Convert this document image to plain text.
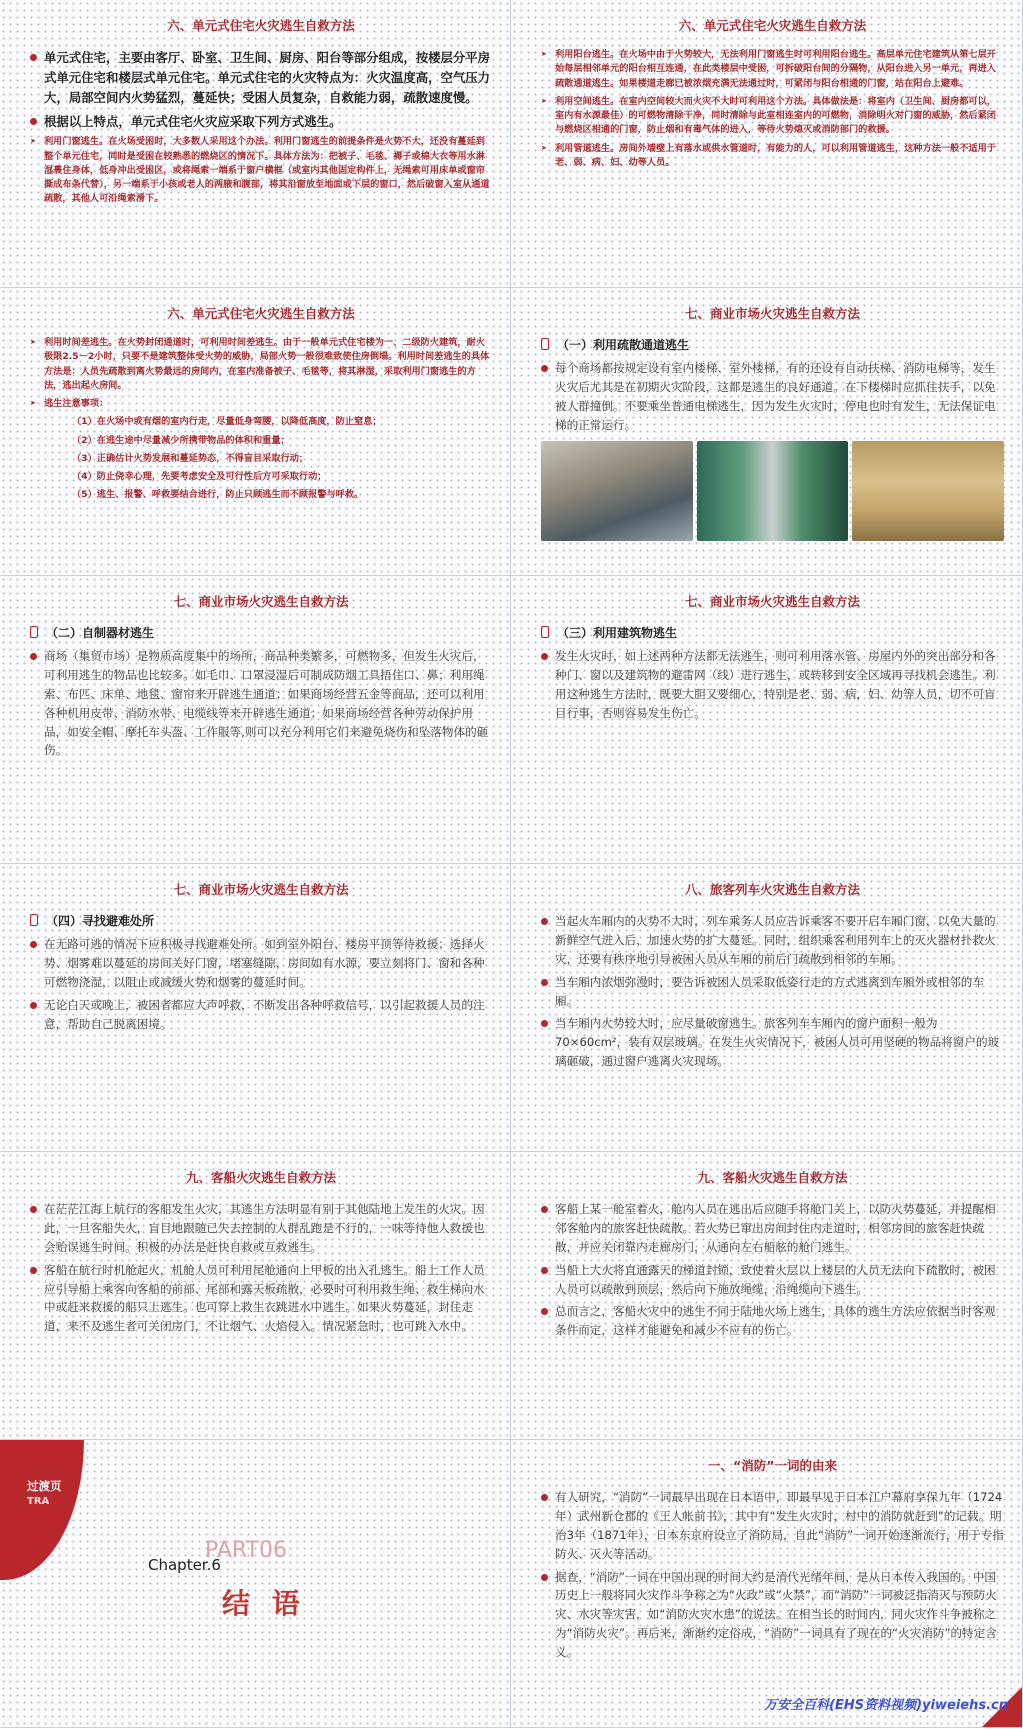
六、单元式住宅火灾逃生自救方法
单元式住宅，主要由客厅、卧室、卫生间、厨房、阳台等部分组成，按楼层分平房式单元住宅和楼层式单元住宅。单元式住宅的火灾特点为：火灾温度高，空气压力大，局部空间内火势猛烈，蔓延快；受困人员复杂，自救能力弱，疏散速度慢。
根据以上特点，单元式住宅火灾应采取下列方式逃生。
➤ 利用门窗逃生。在火场受困时，大多数人采用这个办法。利用门窗逃生的前提条件是火势不大，还没有蔓延到整个单元住宅，同时是受困在较熟悉的燃烧区的情况下。具体方法为：把被子、毛毯、褥子或棉大衣等用水淋湿裹住身体，低身冲出受困区，或将绳索一端系于窗户横框（或室内其他固定构件上，无绳索可用床单或窗帘撕成布条代替），另一端系于小孩或老人的两腋和腹部，将其沿窗放至地面或下层的窗口，然后破窗入室从通道疏散，其他人可沿绳索滑下。
六、单元式住宅火灾逃生自救方法
➤ 利用阳台逃生。在火场中由于火势较大，无法利用门窗逃生时可利用阳台逃生。高层单元住宅建筑从第七层开始每层相邻单元的阳台相互连通，在此类楼层中受困，可拆破阳台间的分隔物，从阳台进入另一单元，再进入疏散通道逃生。如果楼道走廊已被浓烟充满无法通过时，可紧闭与阳台相通的门窗，站在阳台上避难。
➤ 利用空间逃生。在室内空间较大而火灾不大时可利用这个方法。具体做法是：将室内（卫生间、厨房都可以，室内有水源最佳）的可燃物清除干净，同时清除与此室相连室内的可燃物，消除明火对门窗的威胁，然后紧闭与燃烧区相通的门窗，防止烟和有毒气体的进入，等待火势熄灭或消防部门的救援。
➤ 利用管道逃生。房间外墙壁上有落水或供水管道时，有能力的人，可以利用管道逃生，这种方法一般不适用于老、弱、病、妇、幼等人员。
六、单元式住宅火灾逃生自救方法
➤ 利用时间差逃生。在火势封闭通道时，可利用时间差逃生。由于一般单元式住宅楼为一、二级防火建筑，耐火极限2.5－2小时，只要不是建筑整体受火势的威胁，局部火势一般很难致使住房倒塌。利用时间差逃生的具体方法是：人员先疏散到离火势最远的房间内，在室内准备被子、毛毯等，将其淋湿，采取利用门窗逃生的方法，逃出起火房间。
➤ 逃生注意事项：
（1）在火场中或有烟的室内行走，尽量低身弯腰，以降低高度，防止窒息；
（2）在逃生途中尽量减少所携带物品的体积和重量；
（3）正确估计火势发展和蔓延势态，不得盲目采取行动；
（4）防止侥幸心理，先要考虑安全及可行性后方可采取行动；
（5）逃生、报警、呼救要结合进行，防止只顾逃生而不顾报警与呼救。
七、商业市场火灾逃生自救方法
（一）利用疏散通道逃生
每个商场都按规定设有室内楼梯、室外楼梯，有的还设有自动扶梯、消防电梯等，发生火灾后尤其是在初期火灾阶段，这都是逃生的良好通道。在下楼梯时应抓住扶手，以免被人群撞倒。不要乘坐普通电梯逃生，因为发生火灾时，停电也时有发生，无法保证电梯的正常运行。
七、商业市场火灾逃生自救方法
（二）自制器材逃生
商场（集贸市场）是物质高度集中的场所，商品种类繁多，可燃物多，但发生火灾后，可利用逃生的物品也比较多。如毛巾、口罩浸湿后可制成防烟工具捂住口、鼻；利用绳索、布匹、床单、地毯、窗帘来开辟逃生通道；如果商场经营五金等商品，还可以利用各种机用皮带、消防水带、电缆线等来开辟逃生通道；如果商场经营各种劳动保护用品，如安全帽、摩托车头盔、工作服等,则可以充分利用它们来避免烧伤和坠落物体的砸伤。
七、商业市场火灾逃生自救方法
（三）利用建筑物逃生
发生火灾时，如上述两种方法都无法逃生，则可利用落水管、房屋内外的突出部分和各种门、窗以及建筑物的避雷网（线）进行逃生，或转移到安全区域再寻找机会逃生。利用这种逃生方法时，既要大胆又要细心，特别是老、弱、病，妇、幼等人员，切不可盲目行事，否则容易发生伤亡。
七、商业市场火灾逃生自救方法
（四）寻找避难处所
在无路可逃的情况下应积极寻找避难处所。如到室外阳台、楼房平顶等待救援；选择火势、烟雾难以蔓延的房间关好门窗，堵塞缝隙，房间如有水源，要立刻将门、窗和各种可燃物浇湿，以阻止或减缓火势和烟雾的蔓延时间。
无论白天或晚上，被困者都应大声呼救，不断发出各种呼救信号，以引起救援人员的注意，帮助自己脱离困境。
八、旅客列车火灾逃生自救方法
当起火车厢内的火势不大时，列车乘务人员应告诉乘客不要开启车厢门窗，以免大量的新鲜空气进入后，加速火势的扩大蔓延。同时，组织乘客利用列车上的灭火器材扑救火灾，还要有秩序地引导被困人员从车厢的前后门疏散到相邻的车厢。
当车厢内浓烟弥漫时，要告诉被困人员采取低姿行走的方式逃离到车厢外或相邻的车厢。
当车厢内火势较大时，应尽量破窗逃生。旅客列车车厢内的窗户面积一般为70×60cm²，装有双层玻璃。在发生火灾情况下，被困人员可用坚硬的物品将窗户的玻璃砸破，通过窗户逃离火灾现场。
九、客船火灾逃生自救方法
在茫茫江海上航行的客船发生火灾，其逃生方法明显有别于其他陆地上发生的火灾。因此，一旦客船失火，盲目地跟随已失去控制的人群乱跑是不行的，一味等待他人救援也会贻误逃生时间。积极的办法是赶快自救或互救逃生。
客船在航行时机舱起火，机舱人员可利用尾舱通向上甲板的出入孔逃生。船上工作人员应引导船上乘客向客船的前部、尾部和露天板疏散，必要时可利用救生绳、救生梯向水中或赶来救援的船只上逃生。也可穿上救生衣跳进水中逃生。如果火势蔓延，封住走道，来不及逃生者可关闭房门，不让烟气、火焰侵入。情况紧急时，也可跳入水中。
九、客船火灾逃生自救方法
客船上某一舱室着火，舱内人员在逃出后应随手将舱门关上，以防火势蔓延，并提醒相邻客舱内的旅客赶快疏散。若火势已窜出房间封住内走道时，相邻房间的旅客赶快疏散，并应关闭靠内走廊房门，从通向左右船舷的舱门逃生。
当船上大火将直通露天的梯道封锁，致使着火层以上楼层的人员无法向下疏散时，被困人员可以疏散到顶层，然后向下施放绳缆，沿绳缆向下逃生。
总而言之，客船火灾中的逃生不同于陆地火场上逃生，具体的逃生方法应依据当时客观条件而定，这样才能避免和减少不应有的伤亡。
过渡页
TRA
PART06
Chapter.6
结 语
一、“消防”一词的由来
有人研究，“消防”一词最早出现在日本语中，即最早见于日本江户幕府享保九年（1724年）武州新仓郡的《王人帐前书》，其中有“发生火灾时，村中的消防就赶到”的记载。明治3年（1871年），日本东京府设立了消防局，自此“消防”一词开始逐渐流行，用于专指防火、灭火等活动。
据查，“消防”一词在中国出现的时间大约是清代光绪年间，是从日本传入我国的。中国历史上一般将同火灾作斗争称之为“火政”或“火禁”，而“消防”一词被泛指消灭与预防火灾、水灾等灾害，如“消防火灾水患”的说法。在相当长的时间内，同火灾作斗争被称之为“消防火灾”。再后来，渐渐约定俗成，“消防”一词具有了现在的“火灾消防”的特定含义。
万安全百科(EHS资料视频)yiweiehs.cn
